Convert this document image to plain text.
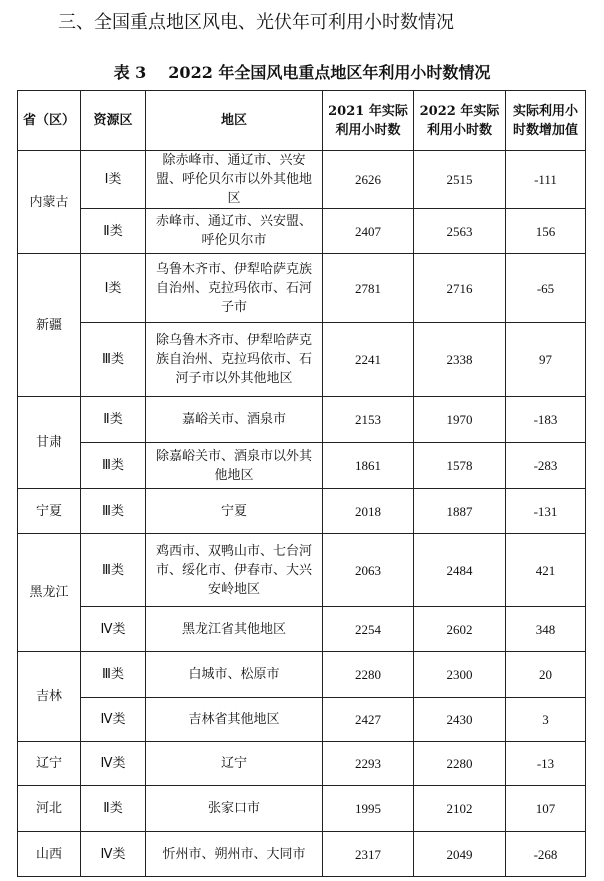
三、全国重点地区风电、光伏年可利用小时数情况
表 3 2022 年全国风电重点地区年利用小时数情况
省（区）	资源区	地区	2021 年实际利用小时数	2022 年实际利用小时数	实际利用小时数增加值
内蒙古	Ⅰ类	除赤峰市、通辽市、兴安盟、呼伦贝尔市以外其他地区	2626	2515	-111
	Ⅱ类	赤峰市、通辽市、兴安盟、呼伦贝尔市	2407	2563	156
新疆	Ⅰ类	乌鲁木齐市、伊犁哈萨克族自治州、克拉玛依市、石河子市	2781	2716	-65
	Ⅲ类	除乌鲁木齐市、伊犁哈萨克族自治州、克拉玛依市、石河子市以外其他地区	2241	2338	97
甘肃	Ⅱ类	嘉峪关市、酒泉市	2153	1970	-183
	Ⅲ类	除嘉峪关市、酒泉市以外其他地区	1861	1578	-283
宁夏	Ⅲ类	宁夏	2018	1887	-131
黑龙江	Ⅲ类	鸡西市、双鸭山市、七台河市、绥化市、伊春市、大兴安岭地区	2063	2484	421
	Ⅳ类	黑龙江省其他地区	2254	2602	348
吉林	Ⅲ类	白城市、松原市	2280	2300	20
	Ⅳ类	吉林省其他地区	2427	2430	3
辽宁	Ⅳ类	辽宁	2293	2280	-13
河北	Ⅱ类	张家口市	1995	2102	107
山西	Ⅳ类	忻州市、朔州市、大同市	2317	2049	-268
